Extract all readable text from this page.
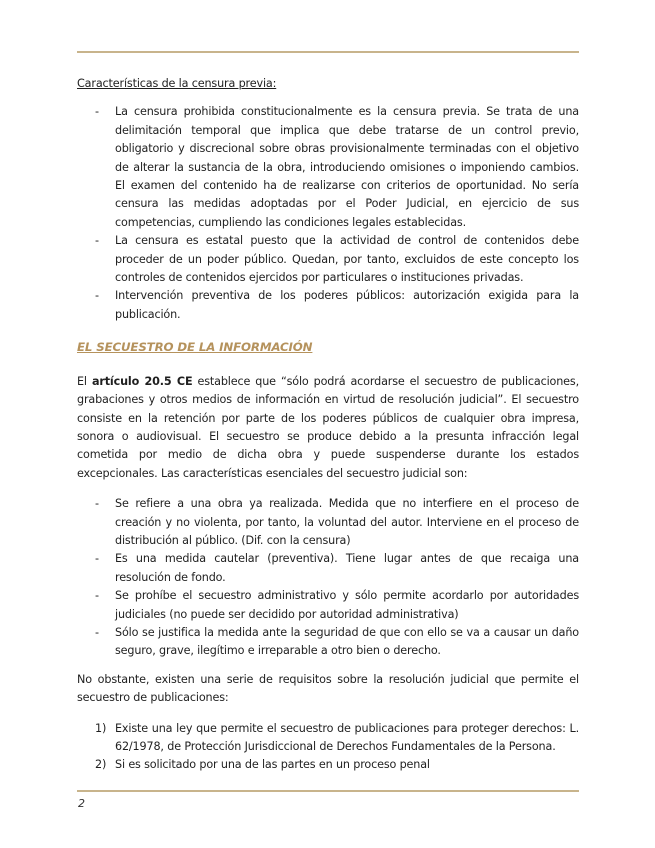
Características de la censura previa:
- La censura prohibida constitucionalmente es la censura previa. Se trata de una delimitación temporal que implica que debe tratarse de un control previo, obligatorio y discrecional sobre obras provisionalmente terminadas con el objetivo de alterar la sustancia de la obra, introduciendo omisiones o imponiendo cambios. El examen del contenido ha de realizarse con criterios de oportunidad. No sería censura las medidas adoptadas por el Poder Judicial, en ejercicio de sus competencias, cumpliendo las condiciones legales establecidas.
- La censura es estatal puesto que la actividad de control de contenidos debe proceder de un poder público. Quedan, por tanto, excluidos de este concepto los controles de contenidos ejercidos por particulares o instituciones privadas.
- Intervención preventiva de los poderes públicos: autorización exigida para la publicación.
EL SECUESTRO DE LA INFORMACIÓN

El artículo 20.5 CE establece que “sólo podrá acordarse el secuestro de publicaciones, grabaciones y otros medios de información en virtud de resolución judicial”. El secuestro consiste en la retención por parte de los poderes públicos de cualquier obra impresa, sonora o audiovisual. El secuestro se produce debido a la presunta infracción legal cometida por medio de dicha obra y puede suspenderse durante los estados excepcionales. Las características esenciales del secuestro judicial son:

- Se refiere a una obra ya realizada. Medida que no interfiere en el proceso de creación y no violenta, por tanto, la voluntad del autor. Interviene en el proceso de distribución al público. (Dif. con la censura)
- Es una medida cautelar (preventiva). Tiene lugar antes de que recaiga una resolución de fondo.
- Se prohíbe el secuestro administrativo y sólo permite acordarlo por autoridades judiciales (no puede ser decidido por autoridad administrativa)
- Sólo se justifica la medida ante la seguridad de que con ello se va a causar un daño seguro, grave, ilegítimo e irreparable a otro bien o derecho.

No obstante, existen una serie de requisitos sobre la resolución judicial que permite el secuestro de publicaciones:

1) Existe una ley que permite el secuestro de publicaciones para proteger derechos: L. 62/1978, de Protección Jurisdiccional de Derechos Fundamentales de la Persona.
2) Si es solicitado por una de las partes en un proceso penal
2
